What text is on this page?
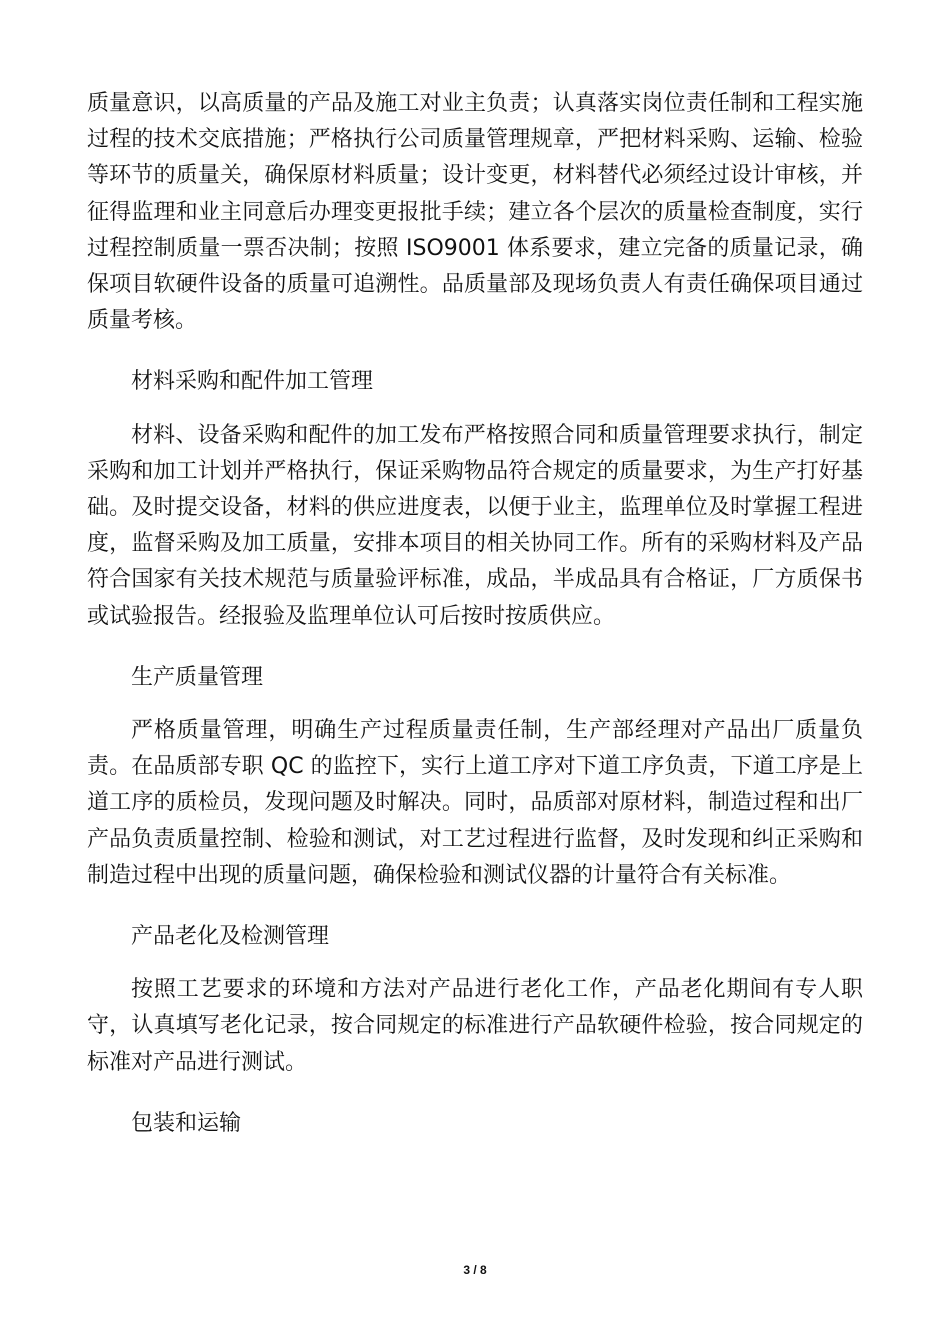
质量意识，以高质量的产品及施工对业主负责；认真落实岗位责任制和工程实施过程的技术交底措施；严格执行公司质量管理规章，严把材料采购、运输、检验等环节的质量关，确保原材料质量；设计变更，材料替代必须经过设计审核，并征得监理和业主同意后办理变更报批手续；建立各个层次的质量检查制度，实行过程控制质量一票否决制；按照 ISO9001 体系要求，建立完备的质量记录，确保项目软硬件设备的质量可追溯性。品质量部及现场负责人有责任确保项目通过质量考核。

材料采购和配件加工管理

材料、设备采购和配件的加工发布严格按照合同和质量管理要求执行，制定采购和加工计划并严格执行，保证采购物品符合规定的质量要求，为生产打好基础。及时提交设备，材料的供应进度表，以便于业主，监理单位及时掌握工程进度，监督采购及加工质量，安排本项目的相关协同工作。所有的采购材料及产品符合国家有关技术规范与质量验评标准，成品，半成品具有合格证，厂方质保书或试验报告。经报验及监理单位认可后按时按质供应。

生产质量管理

严格质量管理，明确生产过程质量责任制，生产部经理对产品出厂质量负责。在品质部专职 QC 的监控下，实行上道工序对下道工序负责，下道工序是上道工序的质检员，发现问题及时解决。同时，品质部对原材料，制造过程和出厂产品负责质量控制、检验和测试，对工艺过程进行监督，及时发现和纠正采购和制造过程中出现的质量问题，确保检验和测试仪器的计量符合有关标准。

产品老化及检测管理

按照工艺要求的环境和方法对产品进行老化工作，产品老化期间有专人职守，认真填写老化记录，按合同规定的标准进行产品软硬件检验，按合同规定的标准对产品进行测试。

包装和运输

3 / 8
